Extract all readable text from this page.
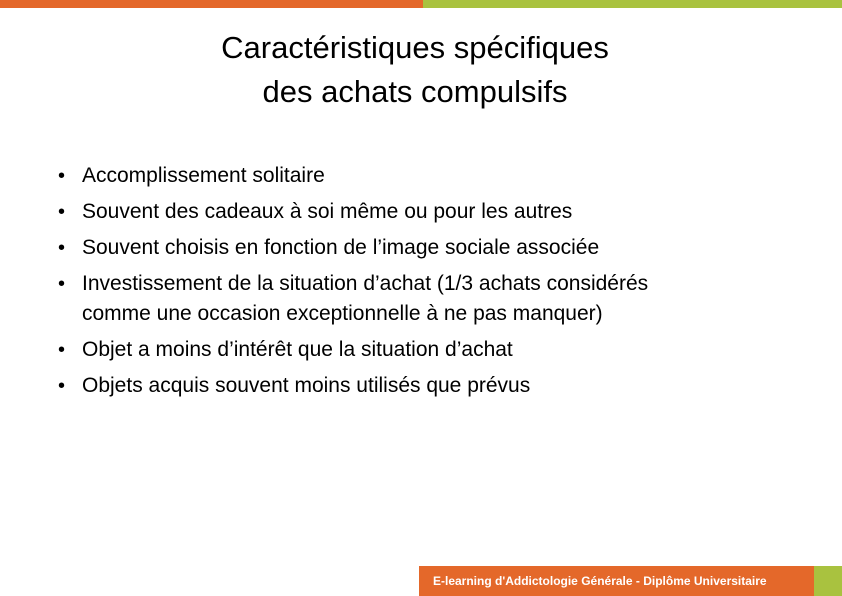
Caractéristiques spécifiques
des achats compulsifs
• Accomplissement solitaire
• Souvent des cadeaux à soi même ou pour les autres
• Souvent choisis en fonction de l’image sociale associée
• Investissement de la situation d’achat (1/3 achats considérés
comme une occasion exceptionnelle à ne pas manquer)
• Objet a moins d’intérêt que la situation d’achat
• Objets acquis souvent moins utilisés que prévus
E-learning d'Addictologie Générale - Diplôme Universitaire
